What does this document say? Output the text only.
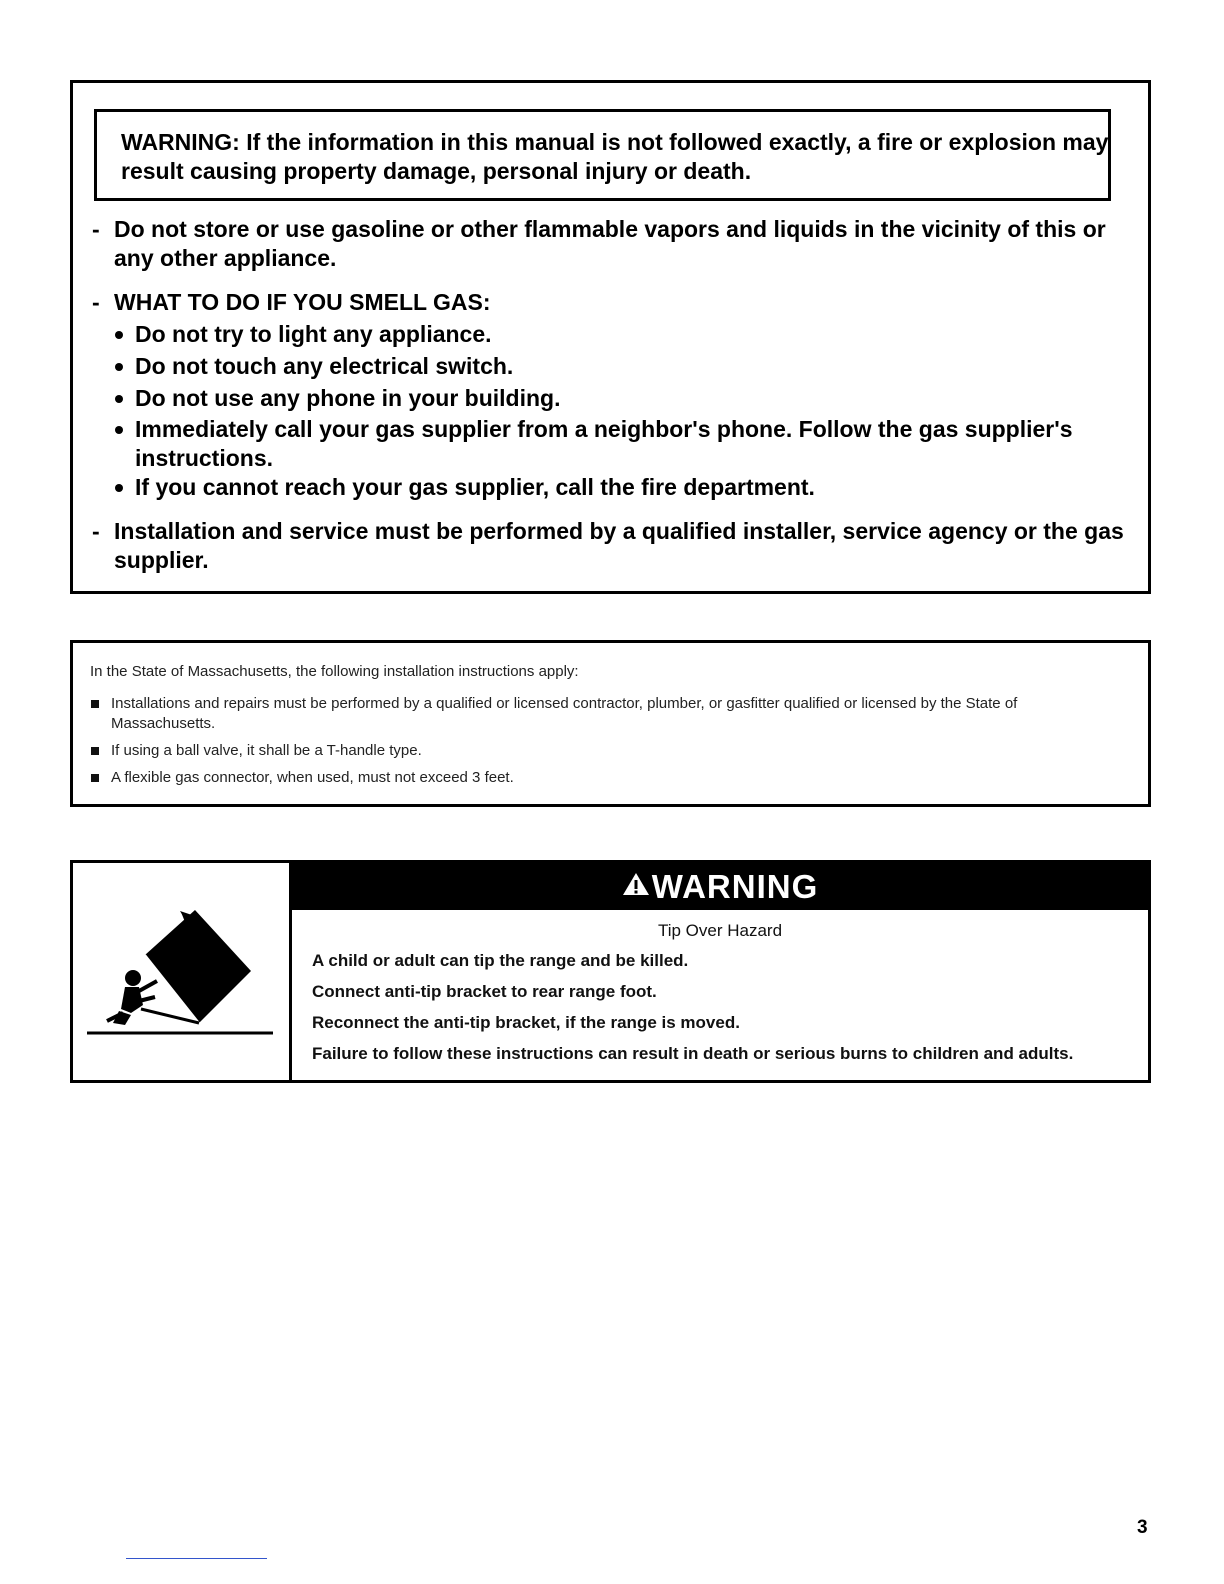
WARNING: If the information in this manual is not followed exactly, a fire or explosion may result causing property damage, personal injury or death.
- Do not store or use gasoline or other flammable vapors and liquids in the vicinity of this or any other appliance.
- WHAT TO DO IF YOU SMELL GAS:
Do not try to light any appliance.
Do not touch any electrical switch.
Do not use any phone in your building.
Immediately call your gas supplier from a neighbor's phone. Follow the gas supplier's instructions.
If you cannot reach your gas supplier, call the fire department.
- Installation and service must be performed by a qualified installer, service agency or the gas supplier.
In the State of Massachusetts, the following installation instructions apply:
Installations and repairs must be performed by a qualified or licensed contractor, plumber, or gasfitter qualified or licensed by the State of Massachusetts.
If using a ball valve, it shall be a T-handle type.
A flexible gas connector, when used, must not exceed 3 feet.
WARNING
Tip Over Hazard
A child or adult can tip the range and be killed.
Connect anti-tip bracket to rear range foot.
Reconnect the anti-tip bracket, if the range is moved.
Failure to follow these instructions can result in death or serious burns to children and adults.
3
